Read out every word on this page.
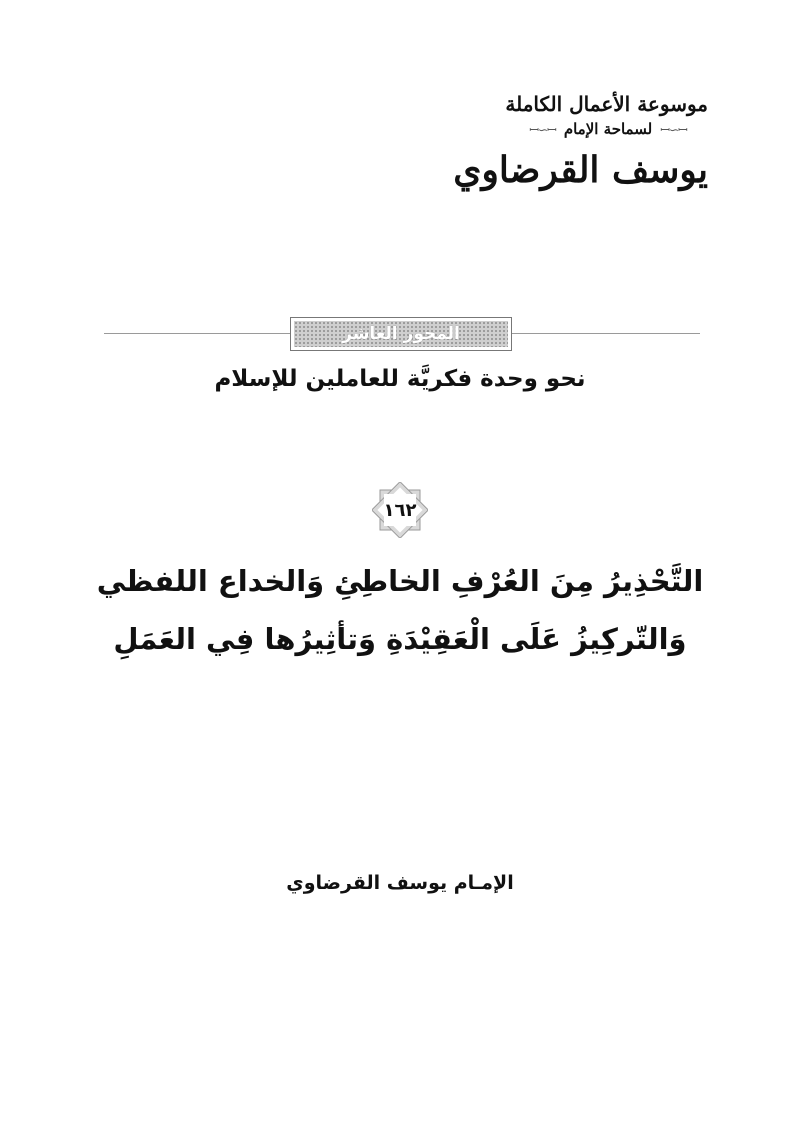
موسوعة الأعمال الكاملة
ꟷ∽ꟷ
لسماحة الإمام
ꟷ∽ꟷ
يوسف القرضاوي
المحور العاشر
نحو وحدة فكريَّة للعاملين للإسلام
١٦٢
التَّحْذِيرُ مِنَ العُرْفِ الخاطِئِ وَالخداع اللفظي
وَالتّركِيزُ عَلَى الْعَقِيْدَةِ وَتأثِيرُها فِي العَمَلِ
الإمـام يوسف القرضاوي
